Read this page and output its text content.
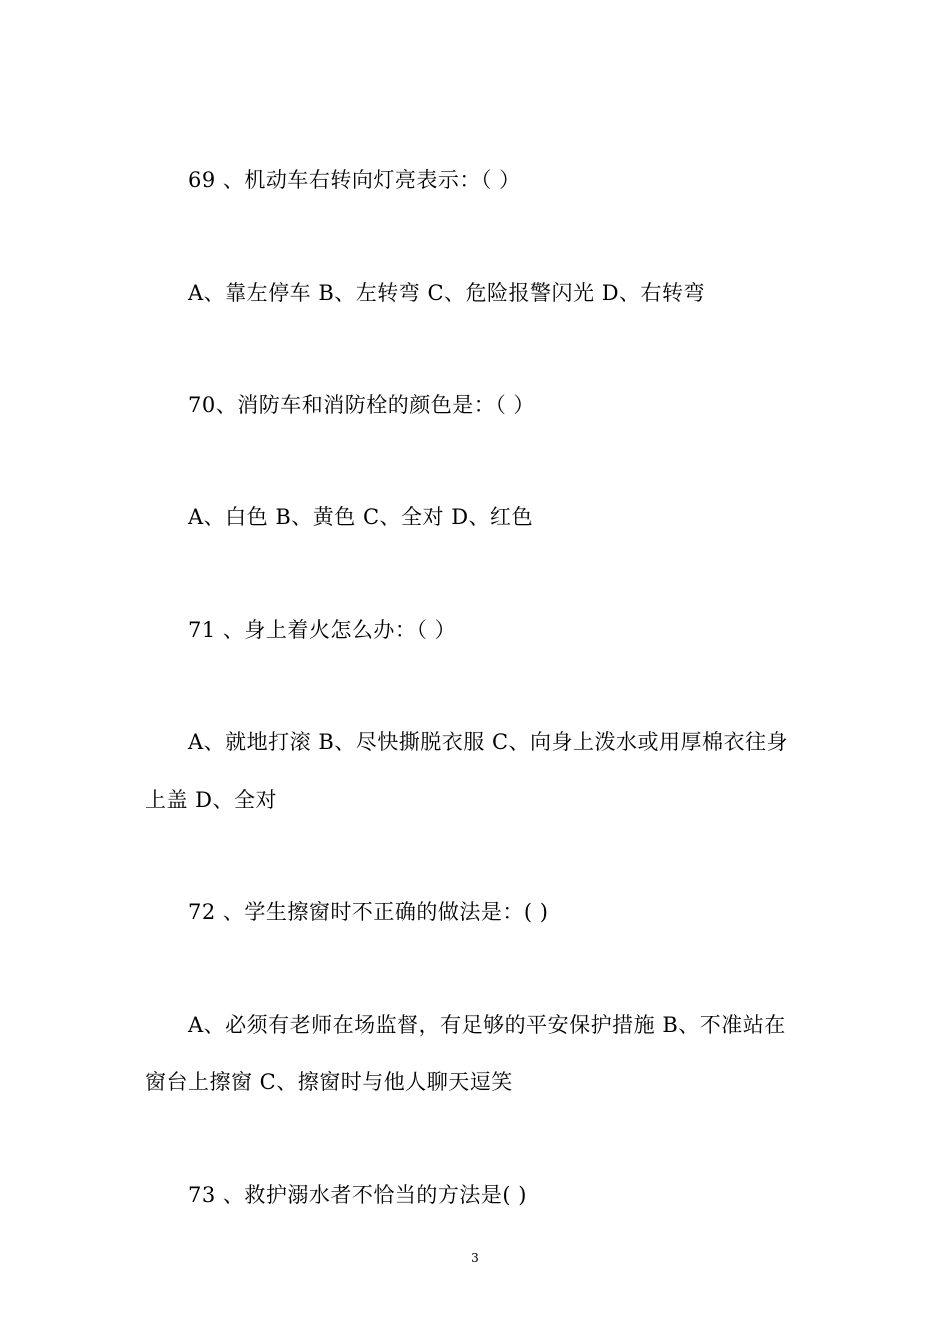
69 、机动车右转向灯亮表示：（ ）
A、靠左停车 B、左转弯 C、危险报警闪光 D、右转弯
70、消防车和消防栓的颜色是：（ ）
A、白色 B、黄色 C、全对 D、红色
71 、身上着火怎么办：（ ）
A、就地打滚 B、尽快撕脱衣服 C、向身上泼水或用厚棉衣往身
上盖 D、全对
72 、学生擦窗时不正确的做法是：( )
A、必须有老师在场监督，有足够的平安保护措施 B、不准站在
窗台上擦窗 C、擦窗时与他人聊天逗笑
73 、救护溺水者不恰当的方法是( )
3
